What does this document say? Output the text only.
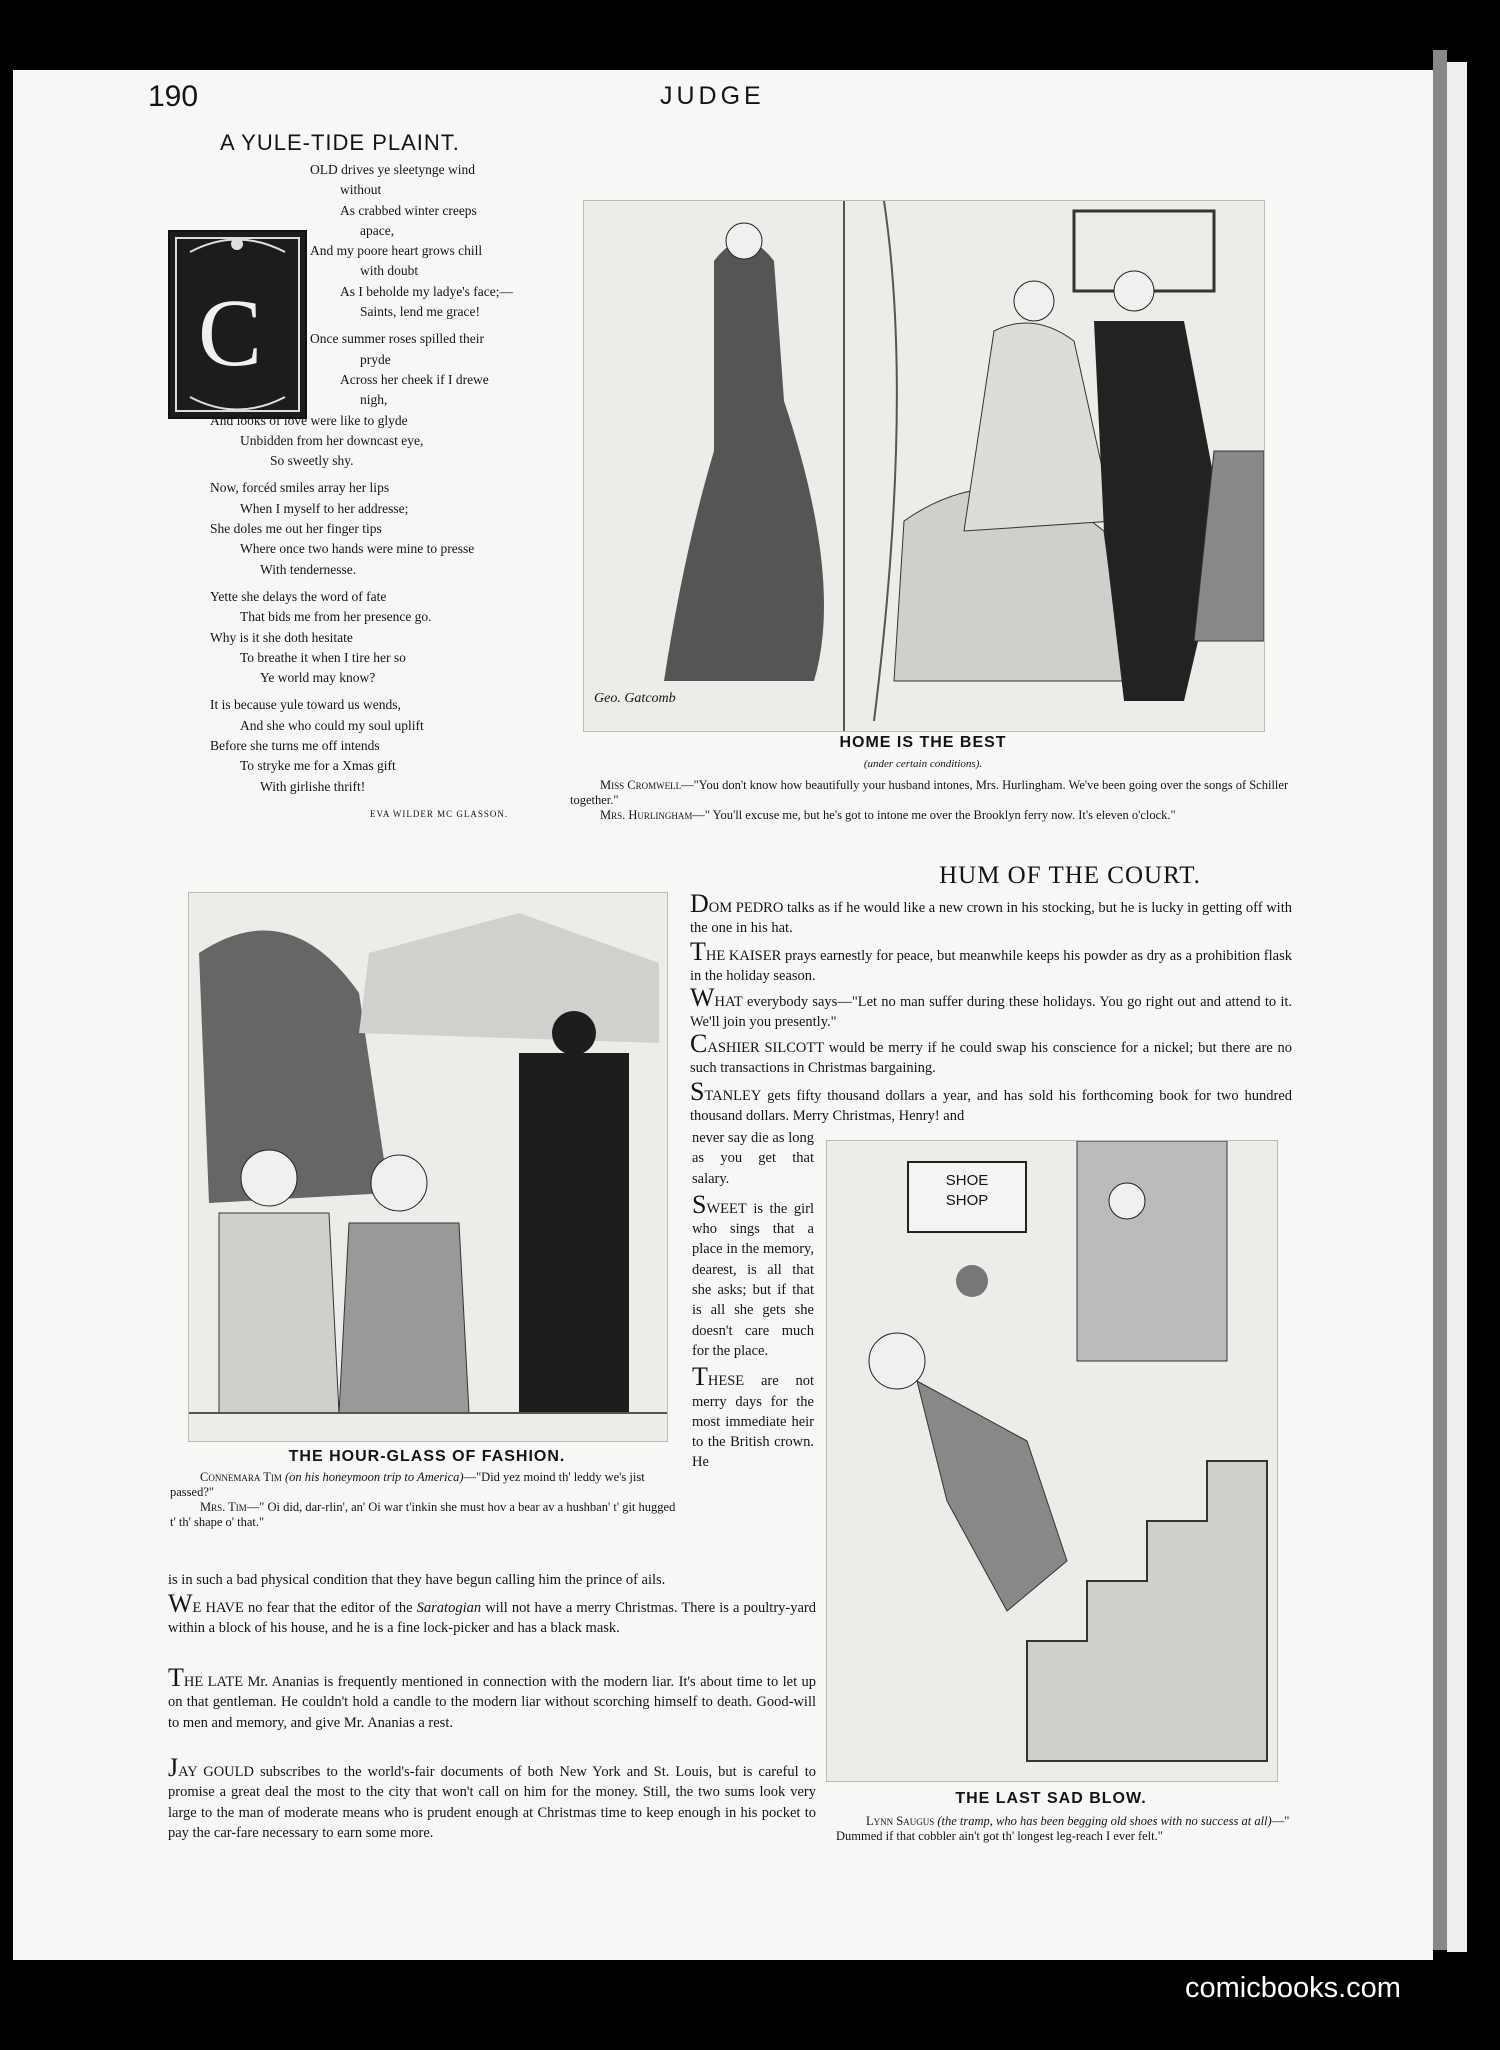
190	JUDGE
A YULE-TIDE PLAINT.
C
OLD drives ye sleetynge wind
without
As crabbed winter creeps
apace,
And my poore heart grows chill
with doubt
As I beholde my ladye's face;—
Saints, lend me grace!
Once summer roses spilled their
pryde
Across her cheek if I drewe
nigh,
And looks of love were like to glyde
Unbidden from her downcast eye,
So sweetly shy.
Now, forcéd smiles array her lips
When I myself to her addresse;
She doles me out her finger tips
Where once two hands were mine to presse
With tendernesse.
Yette she delays the word of fate
That bids me from her presence go.
Why is it she doth hesitate
To breathe it when I tire her so
Ye world may know?
It is because yule toward us wends,
And she who could my soul uplift
Before she turns me off intends
To stryke me for a Xmas gift
With girlishe thrift!
EVA WILDER MC GLASSON.
Geo. Gatcomb
HOME IS THE BEST
(under certain conditions).
Miss Cromwell—"You don't know how beautifully your husband intones, Mrs. Hurlingham. We've been going over the songs of Schiller together."
Mrs. Hurlingham—" You'll excuse me, but he's got to intone me over the Brooklyn ferry now. It's eleven o'clock."
THE HOUR-GLASS OF FASHION.
Connemara Tim (on his honeymoon trip to America)—"Did yez moind th' leddy we's jist passed?"
Mrs. Tim—" Oi did, dar-rlin', an' Oi war t'inkin she must hov a bear av a hushban' t' git hugged t' th' shape o' that."
HUM OF THE COURT.
DOM PEDRO talks as if he would like a new crown in his stocking, but he is lucky in getting off with the one in his hat.
THE KAISER prays earnestly for peace, but meanwhile keeps his powder as dry as a prohibition flask in the holiday season.
WHAT everybody says—"Let no man suffer during these holidays. You go right out and attend to it. We'll join you presently."
CASHIER SILCOTT would be merry if he could swap his conscience for a nickel; but there are no such transactions in Christmas bargaining.
STANLEY gets fifty thousand dollars a year, and has sold his forthcoming book for two hundred thousand dollars. Merry Christmas, Henry! and

never say die as long as you get that salary.

SWEET is the girl who sings that a place in the memory, dearest, is all that she asks; but if that is all she gets she doesn't care much for the place.

THESE are not merry days for the most immediate heir to the British crown. He

is in such a bad physical condition that they have begun calling him the prince of ails.
WE HAVE no fear that the editor of the Saratogian will not have a merry Christmas. There is a poultry-yard within a block of his house, and he is a fine lock-picker and has a black mask.
THE LATE Mr. Ananias is frequently mentioned in connection with the modern liar. It's about time to let up on that gentleman. He couldn't hold a candle to the modern liar without scorching himself to death. Good-will to men and memory, and give Mr. Ananias a rest.
JAY GOULD subscribes to the world's-fair documents of both New York and St. Louis, but is careful to promise a great deal the most to the city that won't call on him for the money. Still, the two sums look very large to the man of moderate means who is prudent enough at Christmas time to keep enough in his pocket to pay the car-fare necessary to earn some more.
SHOE
SHOP
THE LAST SAD BLOW.
Lynn Saugus (the tramp, who has been begging old shoes with no success at all)—" Dummed if that cobbler ain't got th' longest leg-reach I ever felt."
comicbooks.com
